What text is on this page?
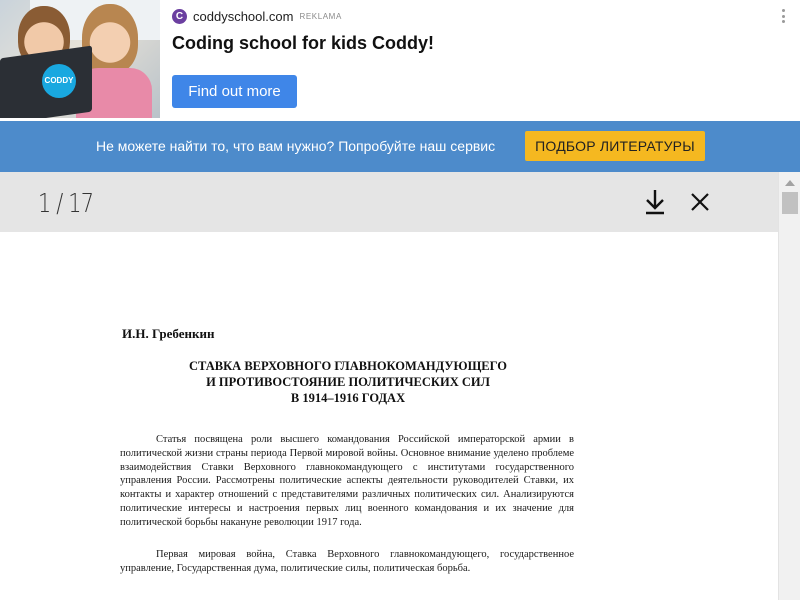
CODDY
C coddyschool.com REKLAMA
Coding school for kids Coddy!
Find out more
Не можете найти то, что вам нужно? Попробуйте наш сервис	ПОДБОР ЛИТЕРАТУРЫ
1 / 17
И.Н. Гребенкин
СТАВКА ВЕРХОВНОГО ГЛАВНОКОМАНДУЮЩЕГО
И ПРОТИВОСТОЯНИЕ ПОЛИТИЧЕСКИХ СИЛ
В 1914–1916 ГОДАХ

Статья посвящена роли высшего командования Российской императорской армии в политической жизни страны периода Первой мировой войны. Основное внимание уделено проблеме взаимодействия Ставки Верховного главнокомандующего с институтами государственного управления России. Рассмотрены политические аспекты деятельности руководителей Ставки, их контакты и характер отношений с представителями различных политических сил. Анализируются политические интересы и настроения первых лиц военного командования и их значение для политической борьбы накануне революции 1917 года.

Первая мировая война, Ставка Верховного главнокомандующего, государственное управление, Государственная дума, политические силы, политическая борьба.
